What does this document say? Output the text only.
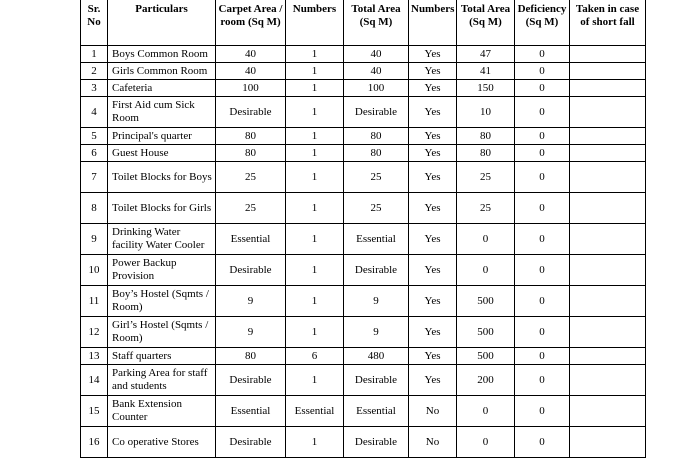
Sr. No	Particulars	Carpet Area / room (Sq M)	Numbers	Total Area (Sq M)	Numbers	Total Area (Sq M)	Deficiency (Sq M)	Taken in case of short fall
1	Boys Common Room	40	1	40	Yes	47	0	
2	Girls Common Room	40	1	40	Yes	41	0	
3	Cafeteria	100	1	100	Yes	150	0	
4	First Aid cum Sick Room	Desirable	1	Desirable	Yes	10	0	
5	Principal's quarter	80	1	80	Yes	80	0	
6	Guest House	80	1	80	Yes	80	0	
7	Toilet Blocks for Boys	25	1	25	Yes	25	0	
8	Toilet Blocks for Girls	25	1	25	Yes	25	0	
9	Drinking Water facility Water Cooler	Essential	1	Essential	Yes	0	0	
10	Power Backup Provision	Desirable	1	Desirable	Yes	0	0	
11	Boy’s Hostel (Sqmts / Room)	9	1	9	Yes	500	0	
12	Girl’s Hostel (Sqmts / Room)	9	1	9	Yes	500	0	
13	Staff quarters	80	6	480	Yes	500	0	
14	Parking Area for staff and students	Desirable	1	Desirable	Yes	200	0	
15	Bank Extension Counter	Essential	Essential	Essential	No	0	0	
16	Co operative Stores	Desirable	1	Desirable	No	0	0	
